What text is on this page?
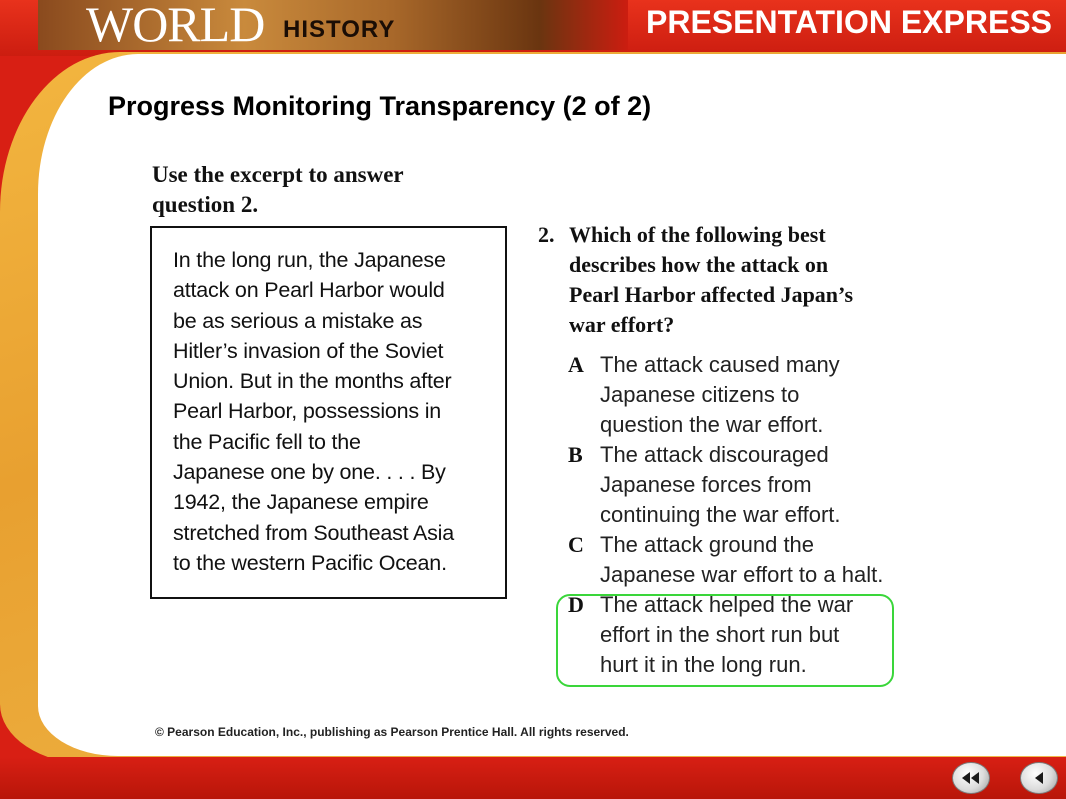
WORLD HISTORY	PRESENTATION EXPRESS
Progress Monitoring Transparency (2 of 2)
Use the excerpt to answer question 2.
In the long run, the Japanese
attack on Pearl Harbor would
be as serious a mistake as
Hitler’s invasion of the Soviet
Union. But in the months after
Pearl Harbor, possessions in
the Pacific fell to the
Japanese one by one. . . . By
1942, the Japanese empire
stretched from Southeast Asia
to the western Pacific Ocean.
2. Which of the following best
describes how the attack on
Pearl Harbor affected Japan’s
war effort?
A The attack caused many
Japanese citizens to
question the war effort.
B The attack discouraged
Japanese forces from
continuing the war effort.
C The attack ground the
Japanese war effort to a halt.
D The attack helped the war
effort in the short run but
hurt it in the long run.
© Pearson Education, Inc., publishing as Pearson Prentice Hall. All rights reserved.
